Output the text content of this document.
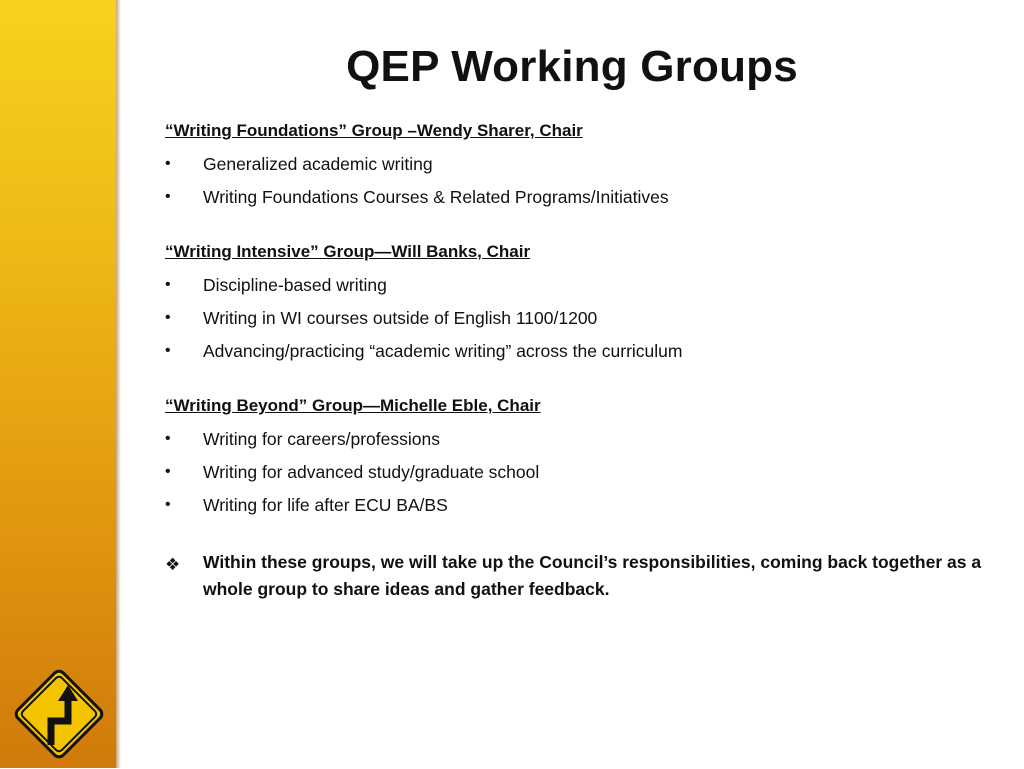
QEP Working Groups
“Writing Foundations” Group –Wendy Sharer, Chair
• Generalized academic writing
• Writing Foundations Courses & Related Programs/Initiatives
“Writing Intensive” Group—Will Banks, Chair
• Discipline-based writing
• Writing in WI courses outside of English 1100/1200
• Advancing/practicing “academic writing” across the curriculum
“Writing Beyond” Group—Michelle Eble, Chair
• Writing for careers/professions
• Writing for advanced study/graduate school
• Writing for life after ECU BA/BS
❖ Within these groups, we will take up the Council’s responsibilities, coming back together as a whole group to share ideas and gather feedback.
